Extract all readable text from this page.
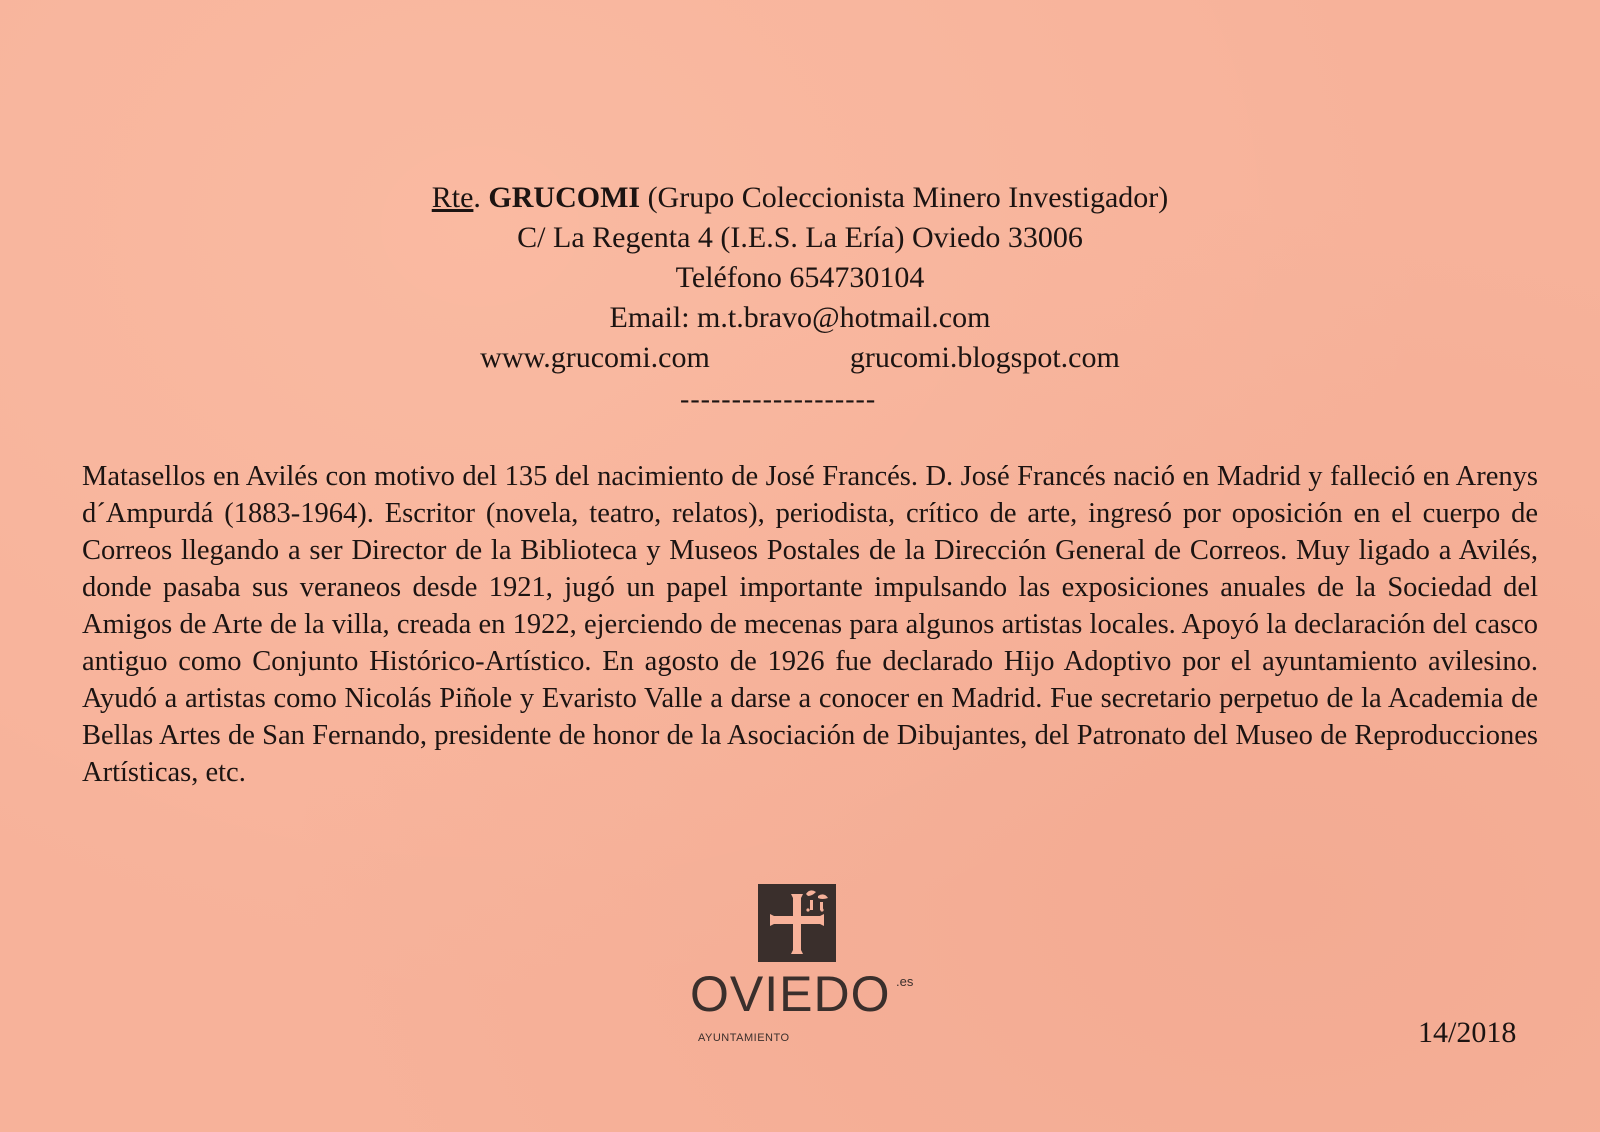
Rte. GRUCOMI (Grupo Coleccionista Minero Investigador)
C/ La Regenta 4 (I.E.S. La Ería) Oviedo 33006
Teléfono 654730104
Email: m.t.bravo@hotmail.com
www.grucomi.com	grucomi.blogspot.com
-------------------
Matasellos en Avilés con motivo del 135 del nacimiento de José Francés. D. José Francés nació en Madrid y falleció en Arenys d´Ampurdá (1883-1964). Escritor (novela, teatro, relatos), periodista, crítico de arte, ingresó por oposición en el cuerpo de Correos llegando a ser Director de la Biblioteca y Museos Postales de la Dirección General de Correos. Muy ligado a Avilés, donde pasaba sus veraneos desde 1921, jugó un papel importante impulsando las exposiciones anuales de la Sociedad del Amigos de Arte de la villa, creada en 1922, ejerciendo de mecenas para algunos artistas locales. Apoyó la declaración del casco antiguo como Conjunto Histórico-Artístico. En agosto de 1926 fue declarado Hijo Adoptivo por el ayuntamiento avilesino. Ayudó a artistas como Nicolás Piñole y Evaristo Valle a darse a conocer en Madrid. Fue secretario perpetuo de la Academia de Bellas Artes de San Fernando, presidente de honor de la Asociación de Dibujantes, del Patronato del Museo de Reproducciones Artísticas, etc.
OVIEDO .es
AYUNTAMIENTO	14/2018
